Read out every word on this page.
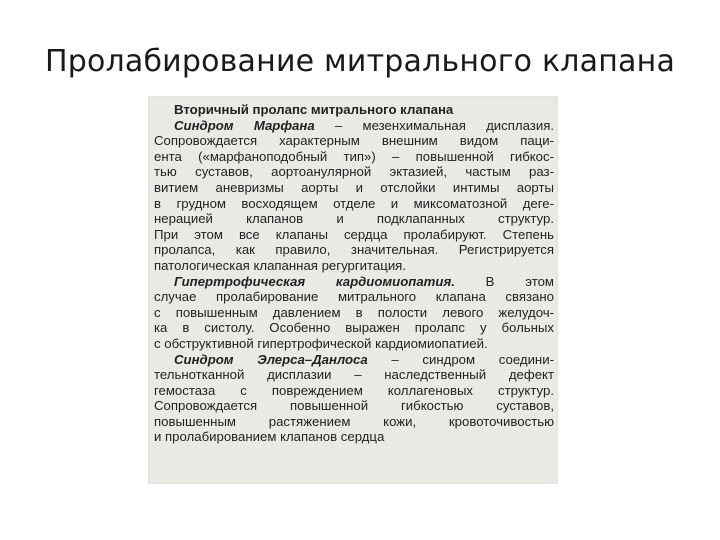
Пролабирование митрального клапана
Вторичный пролапс митрального клапана
Синдром Марфана – мезенхимальная дисплазия.
Сопровождается характерным внешним видом паци-
ента («марфаноподобный тип») – повышенной гибкос-
тью суставов, аортоанулярной эктазией, частым раз-
витием аневризмы аорты и отслойки интимы аорты
в грудном восходящем отделе и миксоматозной деге-
нерацией клапанов и подклапанных структур.
При этом все клапаны сердца пролабируют. Степень
пролапса, как правило, значительная. Регистрируется
патологическая клапанная регургитация.
Гипертрофическая кардиомиопатия. В этом
случае пролабирование митрального клапана связано
с повышенным давлением в полости левого желудоч-
ка в систолу. Особенно выражен пролапс у больных
с обструктивной гипертрофической кардиомиопатией.
Синдром Элерса–Данлоса – синдром соедини-
тельнотканной дисплазии – наследственный дефект
гемостаза с повреждением коллагеновых структур.
Сопровождается повышенной гибкостью суставов,
повышенным растяжением кожи, кровоточивостью
и пролабированием клапанов сердца
